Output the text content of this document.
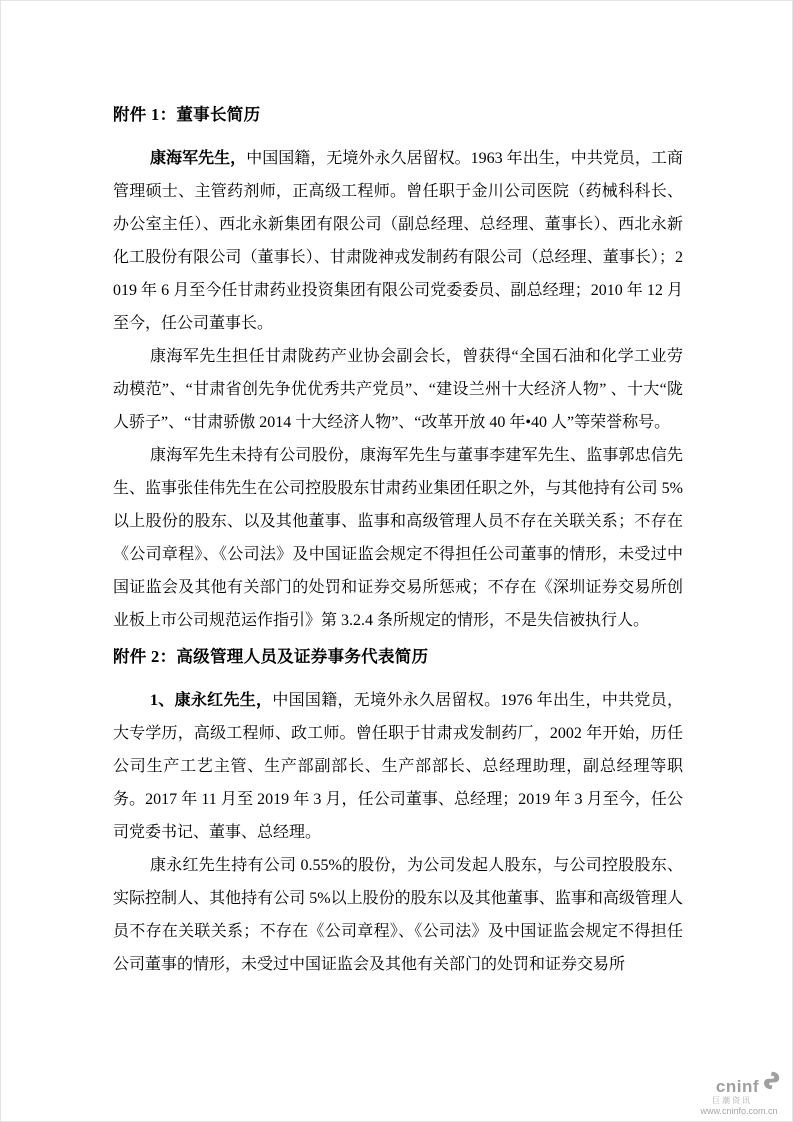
附件 1：董事长简历

康海军先生，中国国籍，无境外永久居留权。1963 年出生，中共党员，工商管理硕士、主管药剂师，正高级工程师。曾任职于金川公司医院（药械科科长、办公室主任）、西北永新集团有限公司（副总经理、总经理、董事长）、西北永新化工股份有限公司（董事长）、甘肃陇神戎发制药有限公司（总经理、董事长）；2019 年 6 月至今任甘肃药业投资集团有限公司党委委员、副总经理；2010 年 12 月至今，任公司董事长。

康海军先生担任甘肃陇药产业协会副会长，曾获得“全国石油和化学工业劳动模范”、“甘肃省创先争优优秀共产党员”、“建设兰州十大经济人物” 、十大“陇人骄子”、“甘肃骄傲 2014 十大经济人物”、“改革开放 40 年•40 人”等荣誉称号。

康海军先生未持有公司股份，康海军先生与董事李建军先生、监事郭忠信先生、监事张佳伟先生在公司控股股东甘肃药业集团任职之外，与其他持有公司 5%以上股份的股东、以及其他董事、监事和高级管理人员不存在关联关系；不存在《公司章程》、《公司法》及中国证监会规定不得担任公司董事的情形，未受过中国证监会及其他有关部门的处罚和证券交易所惩戒；不存在《深圳证券交易所创业板上市公司规范运作指引》第 3.2.4 条所规定的情形，不是失信被执行人。

附件 2：高级管理人员及证券事务代表简历

1、康永红先生，中国国籍，无境外永久居留权。1976 年出生，中共党员，大专学历，高级工程师、政工师。曾任职于甘肃戎发制药厂，2002 年开始，历任公司生产工艺主管、生产部副部长、生产部部长、总经理助理，副总经理等职务。2017 年 11 月至 2019 年 3 月，任公司董事、总经理；2019 年 3 月至今，任公司党委书记、董事、总经理。

康永红先生持有公司 0.55%的股份，为公司发起人股东，与公司控股股东、实际控制人、其他持有公司 5%以上股份的股东以及其他董事、监事和高级管理人员不存在关联关系；不存在《公司章程》、《公司法》及中国证监会规定不得担任公司董事的情形，未受过中国证监会及其他有关部门的处罚和证券交易所

cninf
巨潮资讯
www.cninfo.com.cn
